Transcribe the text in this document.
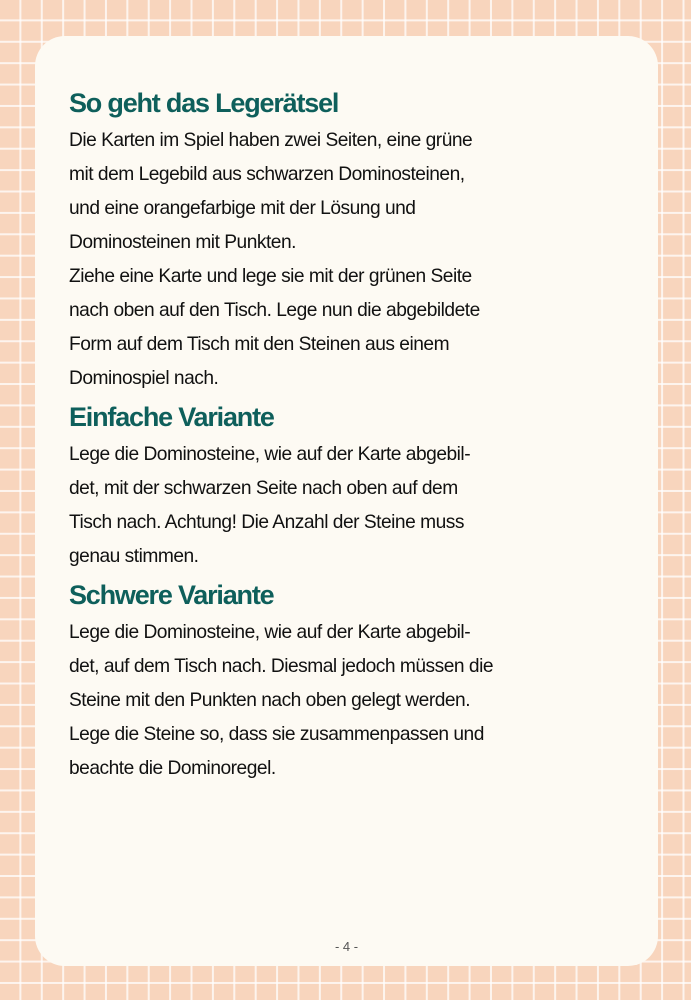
So geht das Legerätsel

Die Karten im Spiel haben zwei Seiten, eine grüne
mit dem Legebild aus schwarzen Dominosteinen,
und eine orangefarbige mit der Lösung und
Dominosteinen mit Punkten.
Ziehe eine Karte und lege sie mit der grünen Seite
nach oben auf den Tisch. Lege nun die abgebildete
Form auf dem Tisch mit den Steinen aus einem
Dominospiel nach.

Einfache Variante

Lege die Dominosteine, wie auf der Karte abgebil-
det, mit der schwarzen Seite nach oben auf dem
Tisch nach. Achtung! Die Anzahl der Steine muss
genau stimmen.

Schwere Variante

Lege die Dominosteine, wie auf der Karte abgebil-
det, auf dem Tisch nach. Diesmal jedoch müssen die
Steine mit den Punkten nach oben gelegt werden.
Lege die Steine so, dass sie zusammenpassen und
beachte die Dominoregel.

- 4 -
